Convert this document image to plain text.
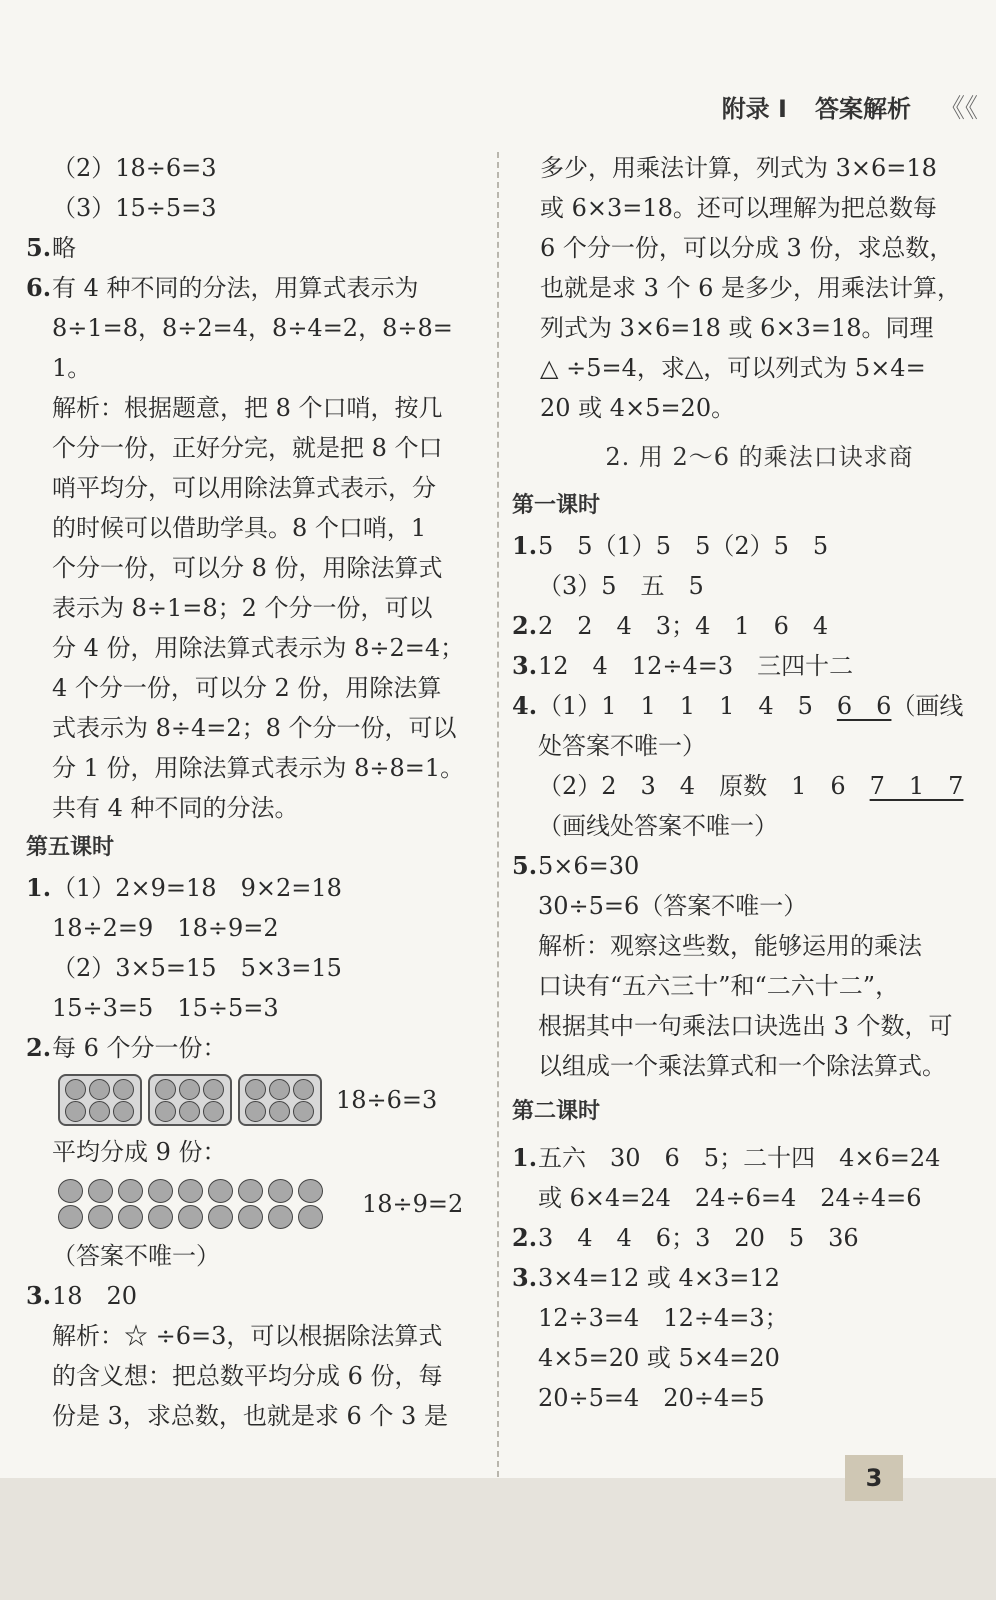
附录 I 答案解析 《《
（2）18÷6=3
（3）15÷5=3
5.略
6.有 4 种不同的分法，用算式表示为
8÷1=8，8÷2=4，8÷4=2，8÷8=
1。
解析：根据题意，把 8 个口哨，按几
个分一份，正好分完，就是把 8 个口
哨平均分，可以用除法算式表示，分
的时候可以借助学具。8 个口哨，1
个分一份，可以分 8 份，用除法算式
表示为 8÷1=8；2 个分一份，可以
分 4 份，用除法算式表示为 8÷2=4；
4 个分一份，可以分 2 份，用除法算
式表示为 8÷4=2；8 个分一份，可以
分 1 份，用除法算式表示为 8÷8=1。
共有 4 种不同的分法。
第五课时
1.（1）2×9=18　9×2=18
18÷2=9　18÷9=2
（2）3×5=15　5×3=15
15÷3=5　15÷5=3
2.每 6 个分一份：
18÷6=3
平均分成 9 份：
18÷9=2
（答案不唯一）
3.18　20
解析：☆ ÷6=3，可以根据除法算式
的含义想：把总数平均分成 6 份，每
份是 3，求总数，也就是求 6 个 3 是
多少，用乘法计算，列式为 3×6=18
或 6×3=18。还可以理解为把总数每
6 个分一份，可以分成 3 份，求总数，
也就是求 3 个 6 是多少，用乘法计算，
列式为 3×6=18 或 6×3=18。同理
△ ÷5=4，求△，可以列式为 5×4=
20 或 4×5=20。
2. 用 2～6 的乘法口诀求商
第一课时
1.5　5（1）5　5（2）5　5
（3）5　五　5
2.2　2　4　3；4　1　6　4
3.12　4　12÷4=3　三四十二
4.（1）1　1　1　1　4　5　6　6（画线
处答案不唯一）
（2）2　3　4　原数　1　6　7　1　7
（画线处答案不唯一）
5.5×6=30
30÷5=6（答案不唯一）
解析：观察这些数，能够运用的乘法
口诀有“五六三十”和“二六十二”，
根据其中一句乘法口诀选出 3 个数，可
以组成一个乘法算式和一个除法算式。
第二课时
1.五六　30　6　5；二十四　4×6=24
或 6×4=24　24÷6=4　24÷4=6
2.3　4　4　6；3　20　5　36
3.3×4=12 或 4×3=12
12÷3=4　12÷4=3；
4×5=20 或 5×4=20
20÷5=4　20÷4=5
3
